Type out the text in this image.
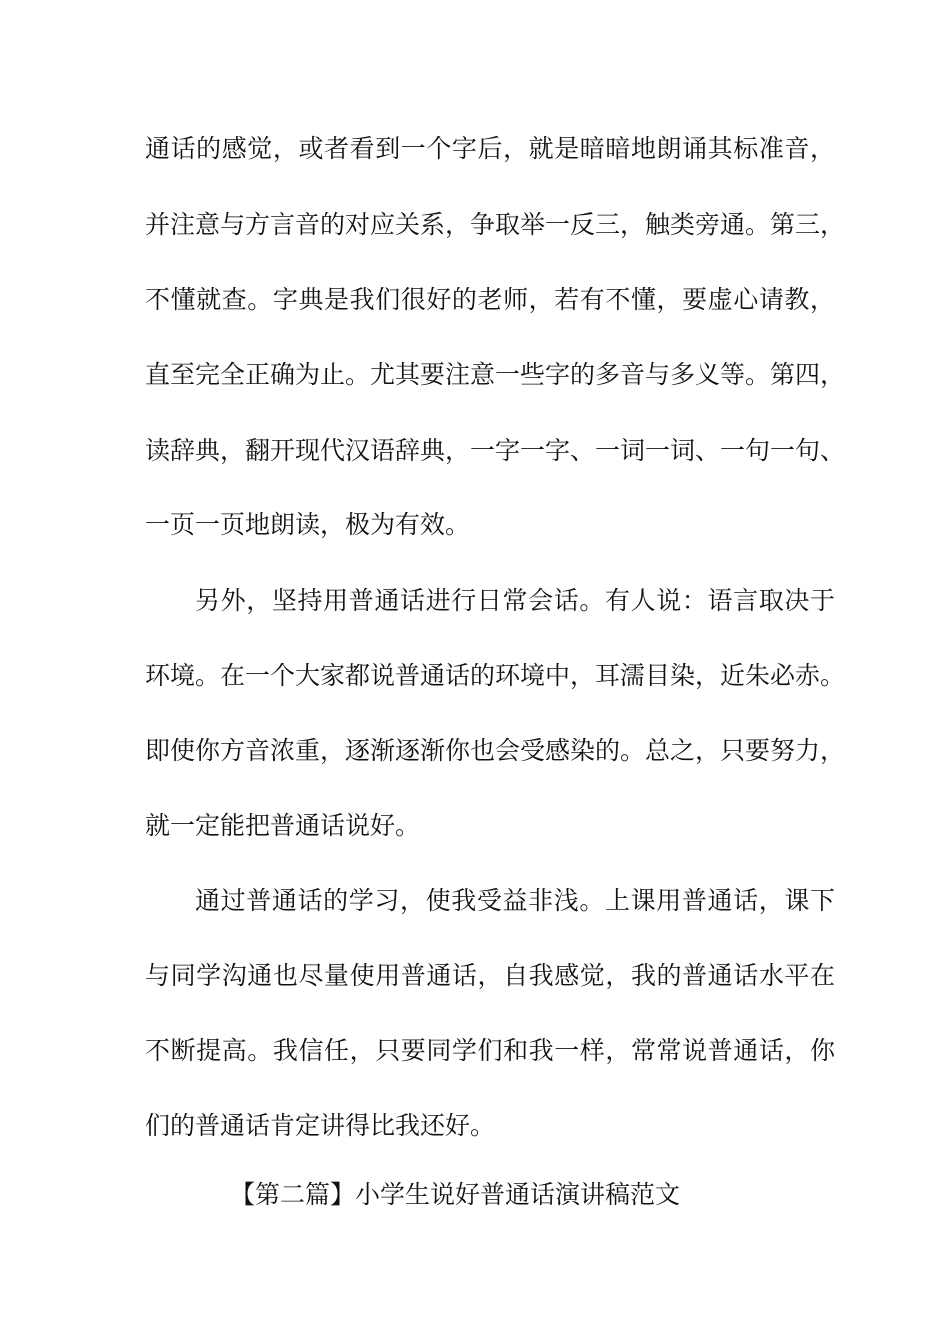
通话的感觉，或者看到一个字后，就是暗暗地朗诵其标准音，

并注意与方言音的对应关系，争取举一反三，触类旁通。第三，

不懂就查。字典是我们很好的老师，若有不懂，要虚心请教，

直至完全正确为止。尤其要注意一些字的多音与多义等。第四，

读辞典，翻开现代汉语辞典，一字一字、一词一词、一句一句、

一页一页地朗读，极为有效。

另外，坚持用普通话进行日常会话。有人说：语言取决于

环境。在一个大家都说普通话的环境中，耳濡目染，近朱必赤。

即使你方音浓重，逐渐逐渐你也会受感染的。总之，只要努力，

就一定能把普通话说好。

通过普通话的学习，使我受益非浅。上课用普通话，课下

与同学沟通也尽量使用普通话，自我感觉，我的普通话水平在

不断提高。我信任，只要同学们和我一样，常常说普通话，你

们的普通话肯定讲得比我还好。

【第二篇】小学生说好普通话演讲稿范文
